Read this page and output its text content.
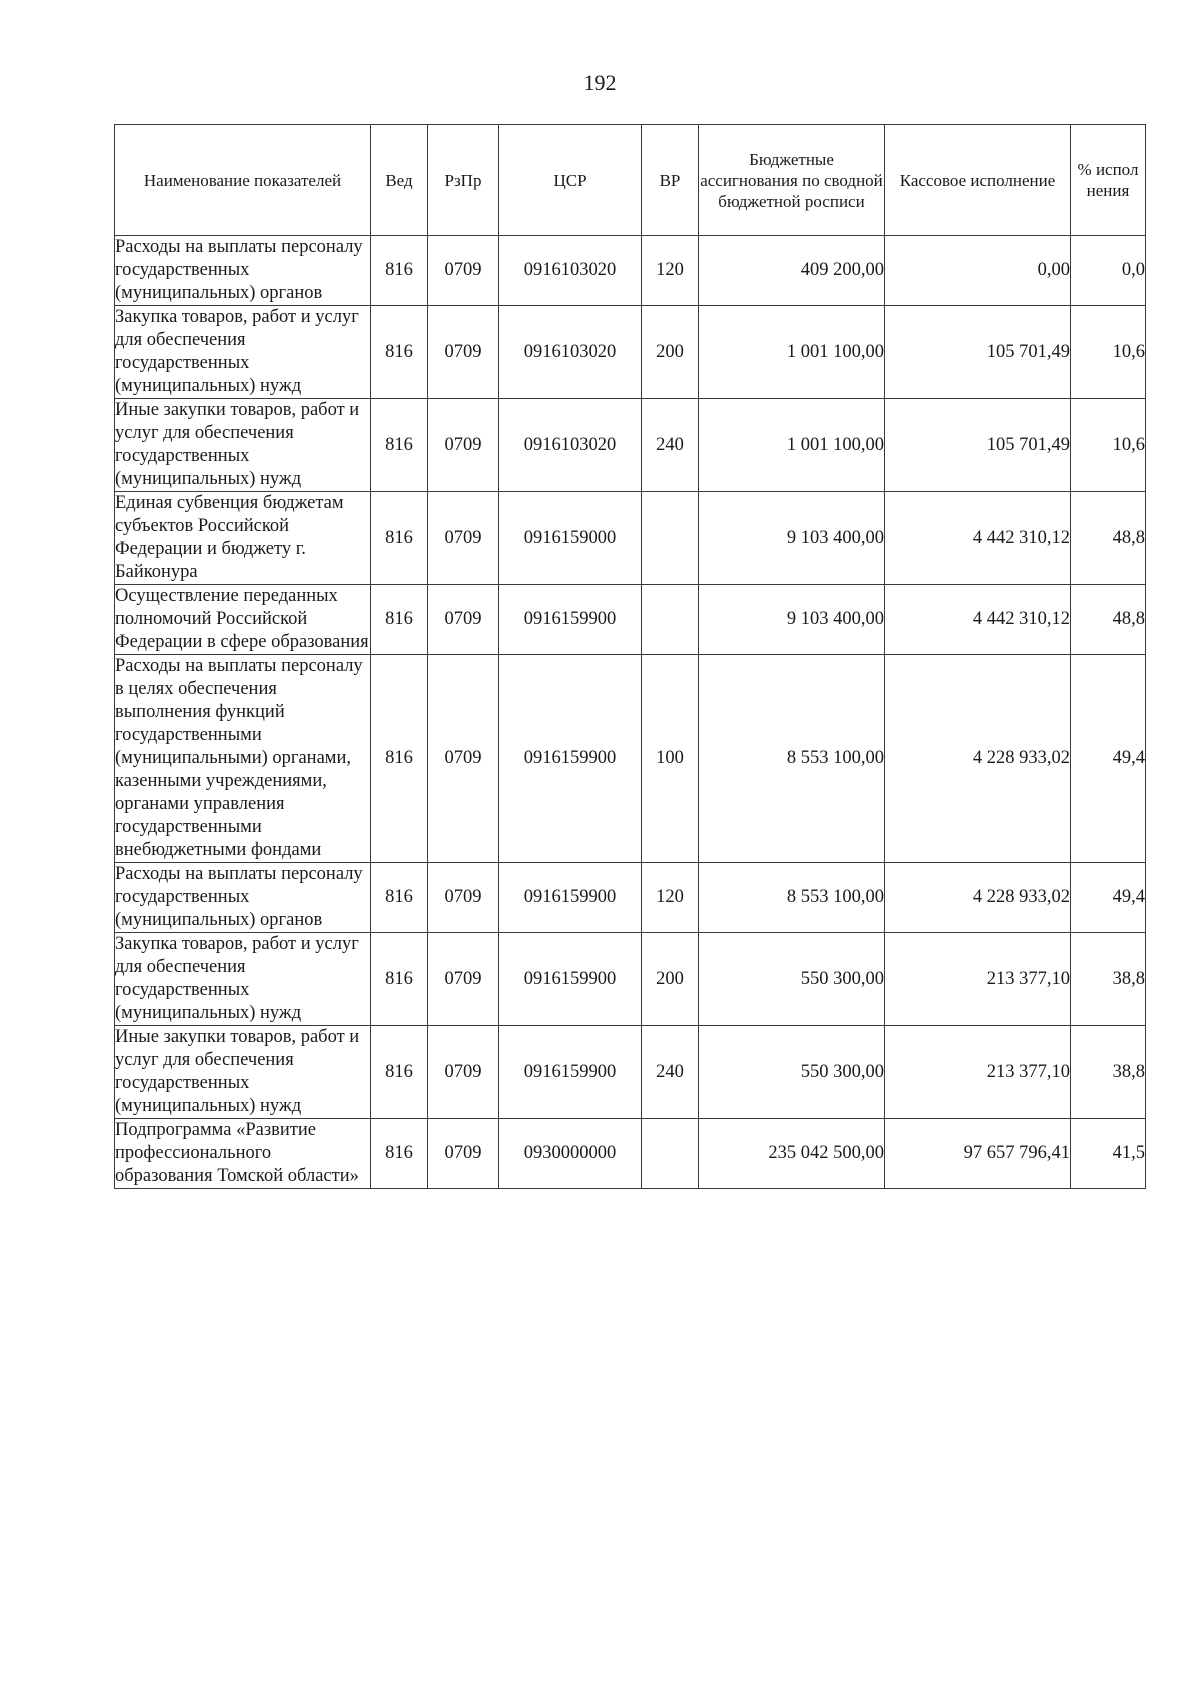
192
Наименование показателей	Вед	РзПр	ЦСР	ВР	Бюджетные ассигнования по сводной бюджетной росписи	Кассовое исполнение	% испол нения
Расходы на выплаты персоналу государственных (муниципальных) органов	816	0709	0916103020	120	409 200,00	0,00	0,0
Закупка товаров, работ и услуг для обеспечения государственных (муниципальных) нужд	816	0709	0916103020	200	1 001 100,00	105 701,49	10,6
Иные закупки товаров, работ и услуг для обеспечения государственных (муниципальных) нужд	816	0709	0916103020	240	1 001 100,00	105 701,49	10,6
Единая субвенция бюджетам субъектов Российской Федерации и бюджету г. Байконура	816	0709	0916159000		9 103 400,00	4 442 310,12	48,8
Осуществление переданных полномочий Российской Федерации в сфере образования	816	0709	0916159900		9 103 400,00	4 442 310,12	48,8
Расходы на выплаты персоналу в целях обеспечения выполнения функций государственными (муниципальными) органами, казенными учреждениями, органами управления государственными внебюджетными фондами	816	0709	0916159900	100	8 553 100,00	4 228 933,02	49,4
Расходы на выплаты персоналу государственных (муниципальных) органов	816	0709	0916159900	120	8 553 100,00	4 228 933,02	49,4
Закупка товаров, работ и услуг для обеспечения государственных (муниципальных) нужд	816	0709	0916159900	200	550 300,00	213 377,10	38,8
Иные закупки товаров, работ и услуг для обеспечения государственных (муниципальных) нужд	816	0709	0916159900	240	550 300,00	213 377,10	38,8
Подпрограмма «Развитие профессионального образования Томской области»	816	0709	0930000000		235 042 500,00	97 657 796,41	41,5
